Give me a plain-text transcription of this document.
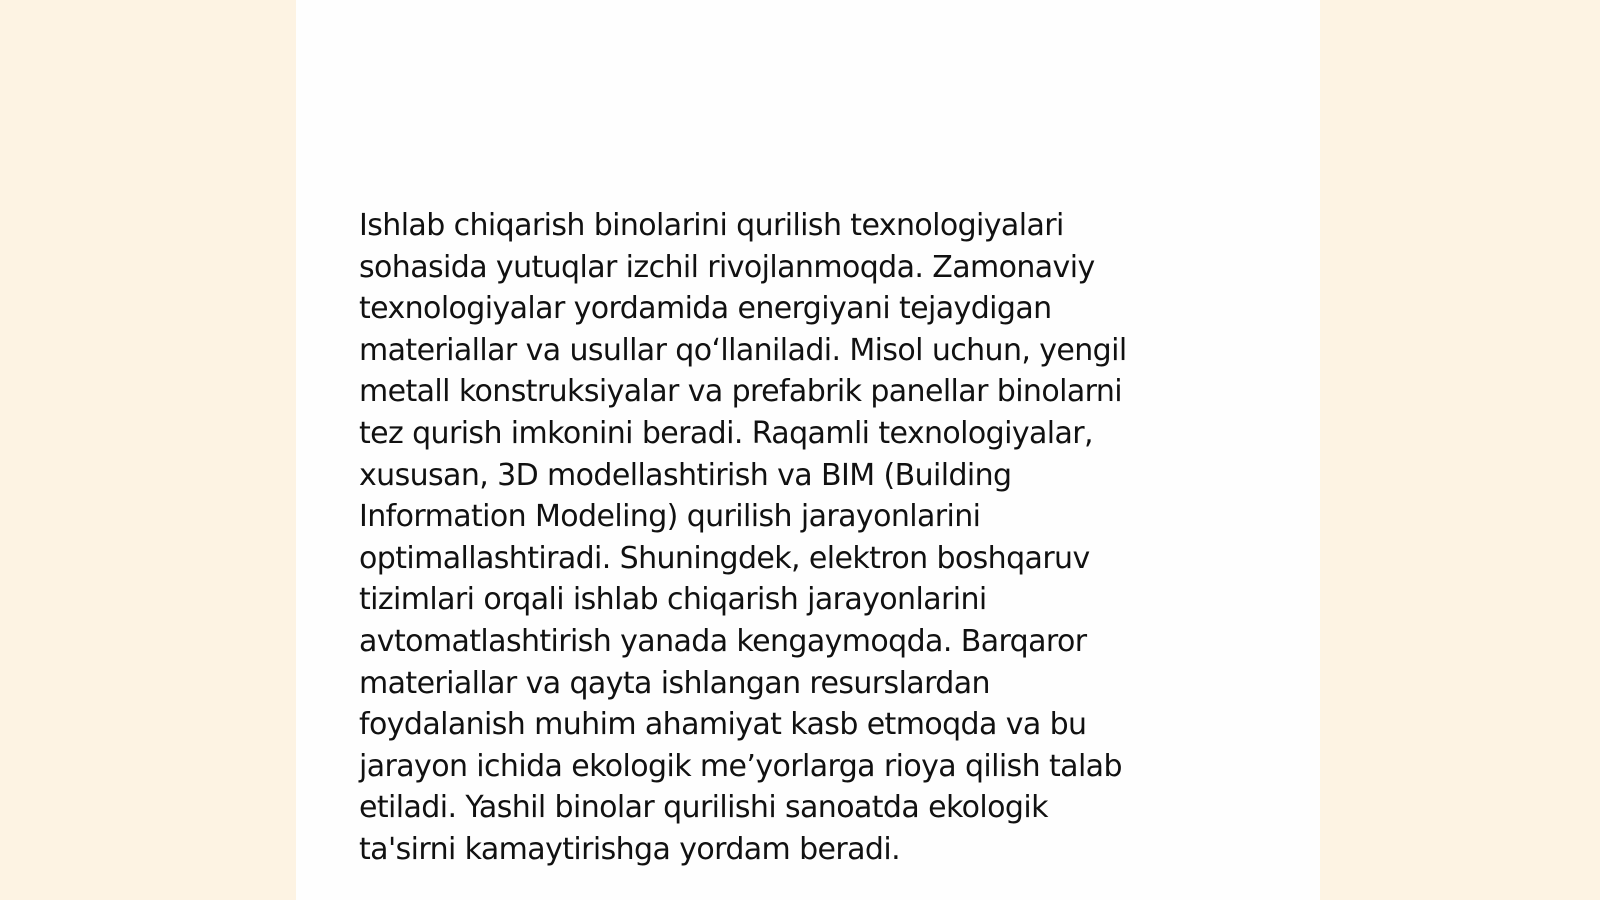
Ishlab chiqarish binolarini qurilish texnologiyalari
sohasida yutuqlar izchil rivojlanmoqda. Zamonaviy
texnologiyalar yordamida energiyani tejaydigan
materiallar va usullar qo‘llaniladi. Misol uchun, yengil
metall konstruksiyalar va prefabrik panellar binolarni
tez qurish imkonini beradi. Raqamli texnologiyalar,
xususan, 3D modellashtirish va BIM (Building
Information Modeling) qurilish jarayonlarini
optimallashtiradi. Shuningdek, elektron boshqaruv
tizimlari orqali ishlab chiqarish jarayonlarini
avtomatlashtirish yanada kengaymoqda. Barqaror
materiallar va qayta ishlangan resurslardan
foydalanish muhim ahamiyat kasb etmoqda va bu
jarayon ichida ekologik me’yorlarga rioya qilish talab
etiladi. Yashil binolar qurilishi sanoatda ekologik
ta'sirni kamaytirishga yordam beradi.
